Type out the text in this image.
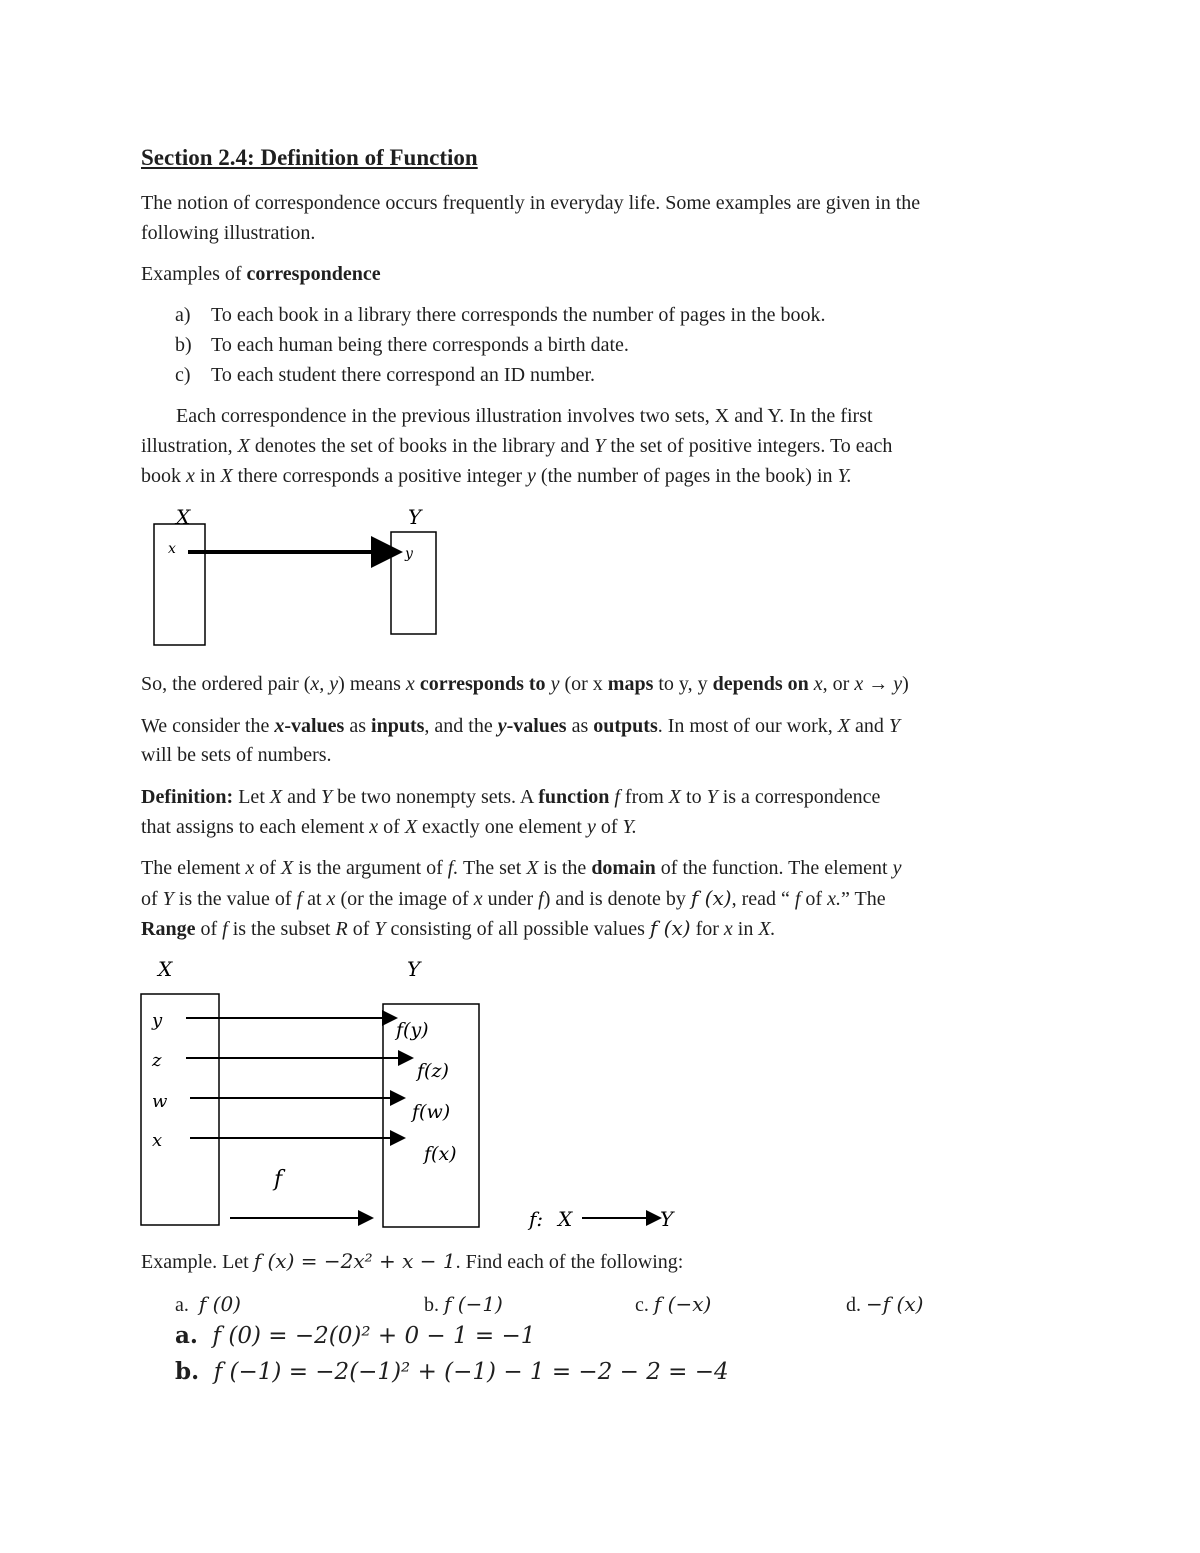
Section 2.4: Definition of Function
The notion of correspondence occurs frequently in everyday life. Some examples are given in the
following illustration.
Examples of correspondence
a) To each book in a library there corresponds the number of pages in the book.
b) To each human being there corresponds a birth date.
c) To each student there correspond an ID number.
Each correspondence in the previous illustration involves two sets, X and Y. In the first
illustration, X denotes the set of books in the library and Y the set of positive integers. To each
book x in X there corresponds a positive integer y (the number of pages in the book) in Y.
X	Y
x	y
So, the ordered pair (x, y) means x corresponds to y (or x maps to y, y depends on x, or x → y)
We consider the x-values as inputs, and the y-values as outputs. In most of our work, X and Y
will be sets of numbers.
Definition: Let X and Y be two nonempty sets. A function f from X to Y is a correspondence
that assigns to each element x of X exactly one element y of Y.
The element x of X is the argument of f. The set X is the domain of the function. The element y
of Y is the value of f at x (or the image of x under f) and is denote by f (x), read “ f of x.” The
Range of f is the subset R of Y consisting of all possible values f (x) for x in X.
X	Y
y
z
w
x
f(y)
f(z)
f(w)
f(x)
f
f: X	Y
Example. Let f (x) = −2x² + x − 1. Find each of the following:
a. f (0)	b. f (−1)	c. f (−x)	d. −f (x)
a. f (0) = −2(0)² + 0 − 1 = −1
b. f (−1) = −2(−1)² + (−1) − 1 = −2 − 2 = −4
